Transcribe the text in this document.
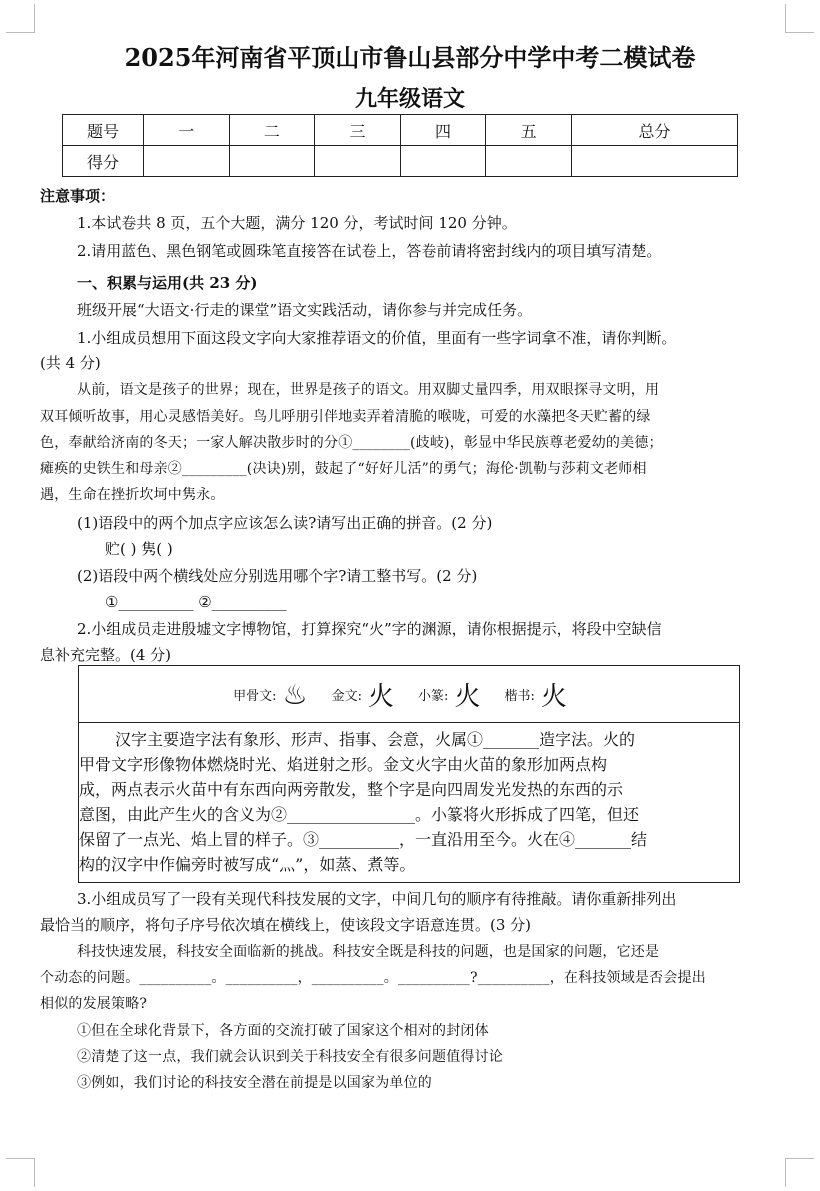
2025年河南省平顶山市鲁山县部分中学中考二模试卷
九年级语文
题号	一	二	三	四	五	总分
得分						
注意事项：
1.本试卷共 8 页，五个大题，满分 120 分，考试时间 120 分钟。
2.请用蓝色、黑色钢笔或圆珠笔直接答在试卷上，答卷前请将密封线内的项目填写清楚。
一、积累与运用(共 23 分)
班级开展“大语文·行走的课堂”语文实践活动，请你参与并完成任务。
1.小组成员想用下面这段文字向大家推荐语文的价值，里面有一些字词拿不准，请你判断。
(共 4 分)
从前，语文是孩子的世界；现在，世界是孩子的语文。用双脚丈量四季，用双眼探寻文明，用
双耳倾听故事，用心灵感悟美好。鸟儿呼朋引伴地卖弄着清脆的喉咙，可爱的水藻把冬天贮蓄的绿
色，奉献给济南的冬天；一家人解决散步时的分①________(歧岐)，彰显中华民族尊老爱幼的美德；
瘫痪的史铁生和母亲②_________(决诀)别，鼓起了“好好儿活”的勇气；海伦·凯勒与莎莉文老师相
遇，生命在挫折坎坷中隽永。
(1)语段中的两个加点字应该怎么读?请写出正确的拼音。(2 分)
贮( ) 隽( )
(2)语段中两个横线处应分别选用哪个字?请工整书写。(2 分)
①__________ ②__________
2.小组成员走进殷墟文字博物馆，打算探究“火”字的渊源，请你根据提示，将段中空缺信
息补充完整。(4 分)
甲骨文: ♨ 金文: 火 小篆: 火 楷书: 火
汉字主要造字法有象形、形声、指事、会意，火属①_______造字法。火的
甲骨文字形像物体燃烧时光、焰迸射之形。金文火字由火苗的象形加两点构
成，两点表示火苗中有东西向两旁散发，整个字是向四周发光发热的东西的示
意图，由此产生火的含义为②________________。小篆将火形拆成了四笔，但还
保留了一点光、焰上冒的样子。③__________，一直沿用至今。火在④_______结
构的汉字中作偏旁时被写成“灬”，如蒸、煮等。
3.小组成员写了一段有关现代科技发展的文字，中间几句的顺序有待推敲。请你重新排列出
最恰当的顺序，将句子序号依次填在横线上，使该段文字语意连贯。(3 分)
科技快速发展，科技安全面临新的挑战。科技安全既是科技的问题，也是国家的问题，它还是
个动态的问题。__________。__________，__________。__________?__________，在科技领域是否会提出
相似的发展策略?
①但在全球化背景下，各方面的交流打破了国家这个相对的封闭体
②清楚了这一点，我们就会认识到关于科技安全有很多问题值得讨论
③例如，我们讨论的科技安全潜在前提是以国家为单位的
